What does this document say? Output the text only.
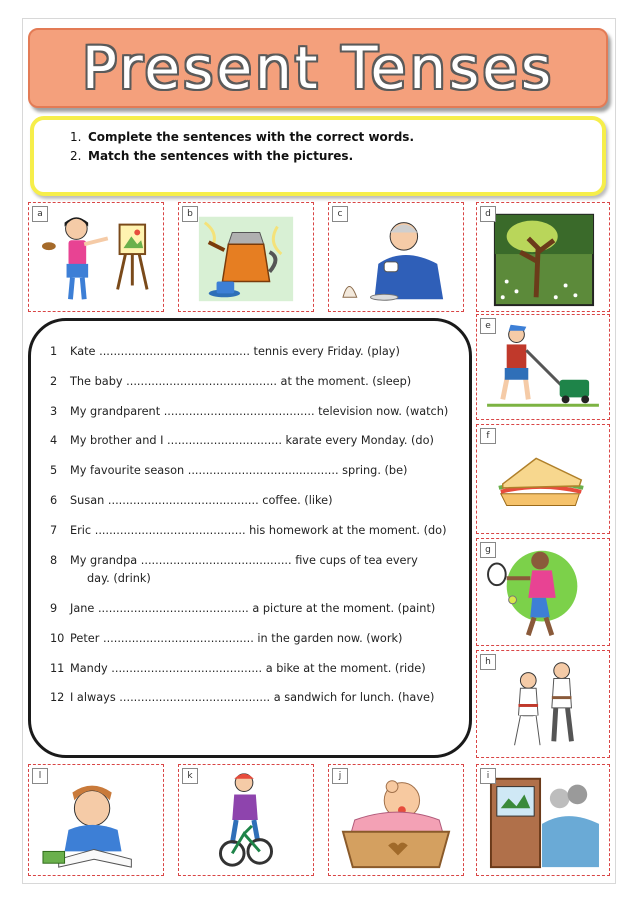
Present Tenses
1. Complete the sentences with the correct words.
2. Match the sentences with the pictures.
a	b	c	d
e
f
g
h
l	k	j	i
1 Kate .......................................... tennis every Friday. (play)
2 The baby .......................................... at the moment. (sleep)
3 My grandparent .......................................... television now. (watch)
4 My brother and I ................................ karate every Monday. (do)
5 My favourite season .......................................... spring. (be)
6 Susan .......................................... coffee. (like)
7 Eric .......................................... his homework at the moment. (do)
8 My grandpa .......................................... five cups of tea every
day. (drink)
9 Jane .......................................... a picture at the moment. (paint)
10 Peter .......................................... in the garden now. (work)
11 Mandy .......................................... a bike at the moment. (ride)
12 I always .......................................... a sandwich for lunch. (have)
